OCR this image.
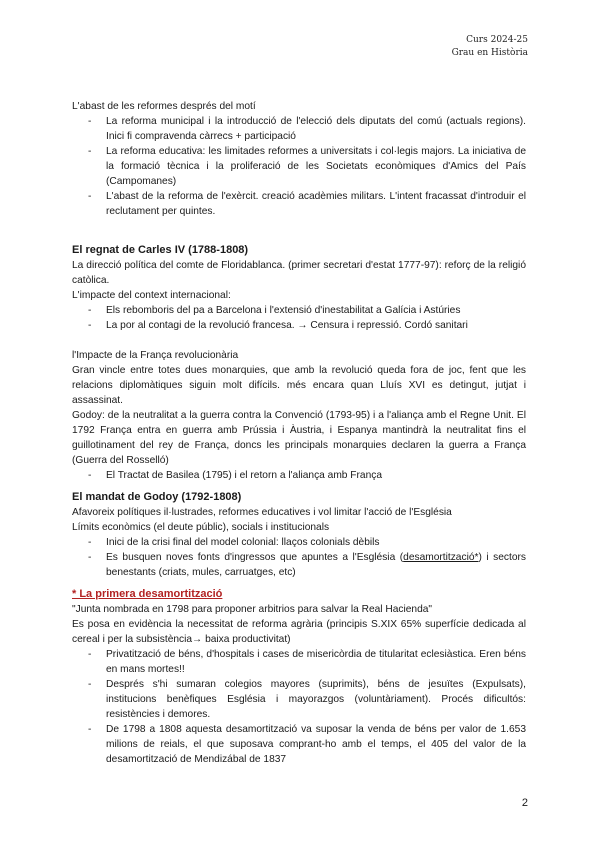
Curs 2024-25
Grau en Història

L'abast de les reformes després del motí

- La reforma municipal i la introducció de l'elecció dels diputats del comú (actuals regions). Inici fi compravenda càrrecs + participació
- La reforma educativa: les limitades reformes a universitats i col·legis majors. La iniciativa de la formació tècnica i la proliferació de les Societats econòmiques d'Amics del País (Campomanes)
- L'abast de la reforma de l'exèrcit. creació acadèmies militars. L'intent fracassat d'introduir el reclutament per quintes.

El regnat de Carles IV (1788-1808)

La direcció política del comte de Floridablanca. (primer secretari d'estat 1777-97): reforç de la religió catòlica.

L'impacte del context internacional:

- Els rebomboris del pa a Barcelona i l'extensió d'inestabilitat a Galícia i Astúries
- La por al contagi de la revolució francesa. → Censura i repressió. Cordó sanitari

l'Impacte de la França revolucionària

Gran vincle entre totes dues monarquies, que amb la revolució queda fora de joc, fent que les relacions diplomàtiques siguin molt difícils. més encara quan Lluís XVI es detingut, jutjat i assassinat.

Godoy: de la neutralitat a la guerra contra la Convenció (1793-95) i a l'aliança amb el Regne Unit. El 1792 França entra en guerra amb Prússia i Àustria, i Espanya mantindrà la neutralitat fins el guillotinament del rey de França, doncs les principals monarquies declaren la guerra a França (Guerra del Rosselló)

- El Tractat de Basilea (1795) i el retorn a l'aliança amb França

El mandat de Godoy (1792-1808)

Afavoreix polítiques il·lustrades, reformes educatives i vol limitar l'acció de l'Església

Límits econòmics (el deute públic), socials i institucionals

- Inici de la crisi final del model colonial: llaços colonials dèbils
- Es busquen noves fonts d'ingressos que apuntes a l'Església (desamortització*) i sectors benestants (criats, mules, carruatges, etc)

* La primera desamortització

"Junta nombrada en 1798 para proponer arbitrios para salvar la Real Hacienda"

Es posa en evidència la necessitat de reforma agrària (principis S.XIX 65% superfície dedicada al cereal i per la subsistència→ baixa productivitat)

- Privatització de béns, d'hospitals i cases de misericòrdia de titularitat eclesiàstica. Eren béns en mans mortes!!
- Després s'hi sumaran colegios mayores (suprimits), béns de jesuïtes (Expulsats), institucions benèfiques Església i mayorazgos (voluntàriament). Procés dificultós: resistències i demores.
- De 1798 a 1808 aquesta desamortització va suposar la venda de béns per valor de 1.653 milions de reials, el que suposava comprant-ho amb el temps, el 405 del valor de la desamortització de Mendizábal de 1837
2
